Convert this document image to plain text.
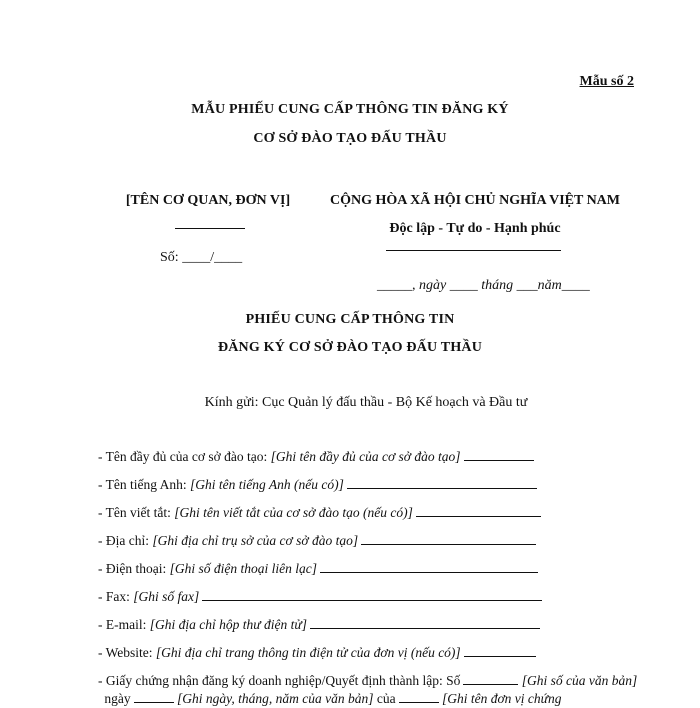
Mẫu số 2
MẪU PHIẾU CUNG CẤP THÔNG TIN ĐĂNG KÝ
CƠ SỞ ĐÀO TẠO ĐẤU THẦU
[TÊN CƠ QUAN, ĐƠN VỊ]
Số: ____/____
CỘNG HÒA XÃ HỘI CHỦ NGHĨA VIỆT NAM
Độc lập - Tự do - Hạnh phúc
_____, ngày ____ tháng ___năm____
PHIẾU CUNG CẤP THÔNG TIN
ĐĂNG KÝ CƠ SỞ ĐÀO TẠO ĐẤU THẦU
Kính gửi: Cục Quản lý đấu thầu - Bộ Kế hoạch và Đầu tư
- Tên đầy đủ của cơ sở đào tạo: [Ghi tên đầy đủ của cơ sở đào tạo]
- Tên tiếng Anh: [Ghi tên tiếng Anh (nếu có)]
- Tên viết tắt: [Ghi tên viết tắt của cơ sở đào tạo (nếu có)]
- Địa chỉ: [Ghi địa chỉ trụ sở của cơ sở đào tạo]
- Điện thoại: [Ghi số điện thoại liên lạc]
- Fax: [Ghi số fax]
- E-mail: [Ghi địa chỉ hộp thư điện tử]
- Website: [Ghi địa chỉ trang thông tin điện tử của đơn vị (nếu có)]
- Giấy chứng nhận đăng ký doanh nghiệp/Quyết định thành lập: Số	[Ghi số của văn bản] ngày	[Ghi ngày, tháng, năm của văn bản] của	[Ghi tên đơn vị chứng
